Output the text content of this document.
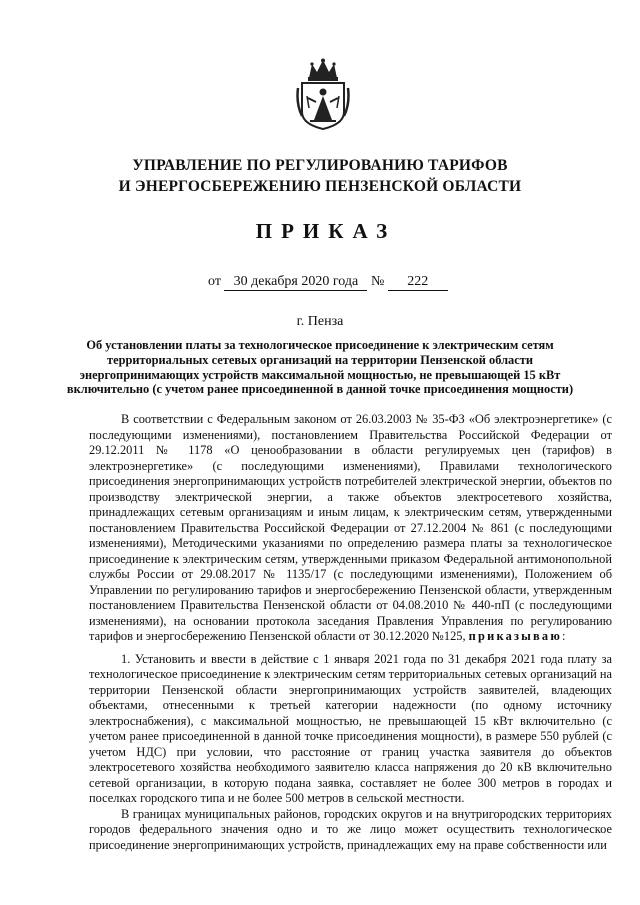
УПРАВЛЕНИЕ ПО РЕГУЛИРОВАНИЮ ТАРИФОВ
И ЭНЕРГОСБЕРЕЖЕНИЮ ПЕНЗЕНСКОЙ ОБЛАСТИ
ПРИКАЗ
от 30 декабря 2020 года № 222
г. Пенза
Об установлении платы за технологическое присоединение к электрическим сетям
территориальных сетевых организаций на территории Пензенской области
энергопринимающих устройств максимальной мощностью, не превышающей 15 кВт
включительно (с учетом ранее присоединенной в данной точке присоединения мощности)

В соответствии с Федеральным законом от 26.03.2003 № 35-ФЗ «Об электроэнергетике» (с последующими изменениями), постановлением Правительства Российской Федерации от 29.12.2011 № 1178 «О ценообразовании в области регулируемых цен (тарифов) в электроэнергетике» (с последующими изменениями), Правилами технологического присоединения энергопринимающих устройств потребителей электрической энергии, объектов по производству электрической энергии, а также объектов электросетевого хозяйства, принадлежащих сетевым организациям и иным лицам, к электрическим сетям, утвержденными постановлением Правительства Российской Федерации от 27.12.2004 № 861 (с последующими изменениями), Методическими указаниями по определению размера платы за технологическое присоединение к электрическим сетям, утвержденными приказом Федеральной антимонопольной службы России от 29.08.2017 № 1135/17 (с последующими изменениями), Положением об Управлении по регулированию тарифов и энергосбережению Пензенской области, утвержденным постановлением Правительства Пензенской области от 04.08.2010 № 440-пП (с последующими изменениями), на основании протокола заседания Правления Управления по регулированию тарифов и энергосбережению Пензенской области от 30.12.2020 №125, приказываю:

1. Установить и ввести в действие с 1 января 2021 года по 31 декабря 2021 года плату за технологическое присоединение к электрическим сетям территориальных сетевых организаций на территории Пензенской области энергопринимающих устройств заявителей, владеющих объектами, отнесенными к третьей категории надежности (по одному источнику электроснабжения), с максимальной мощностью, не превышающей 15 кВт включительно (с учетом ранее присоединенной в данной точке присоединения мощности), в размере 550 рублей (с учетом НДС) при условии, что расстояние от границ участка заявителя до объектов электросетевого хозяйства необходимого заявителю класса напряжения до 20 кВ включительно сетевой организации, в которую подана заявка, составляет не более 300 метров в городах и поселках городского типа и не более 500 метров в сельской местности.

В границах муниципальных районов, городских округов и на внутригородских территориях городов федерального значения одно и то же лицо может осуществить технологическое присоединение энергопринимающих устройств, принадлежащих ему на праве собственности или
